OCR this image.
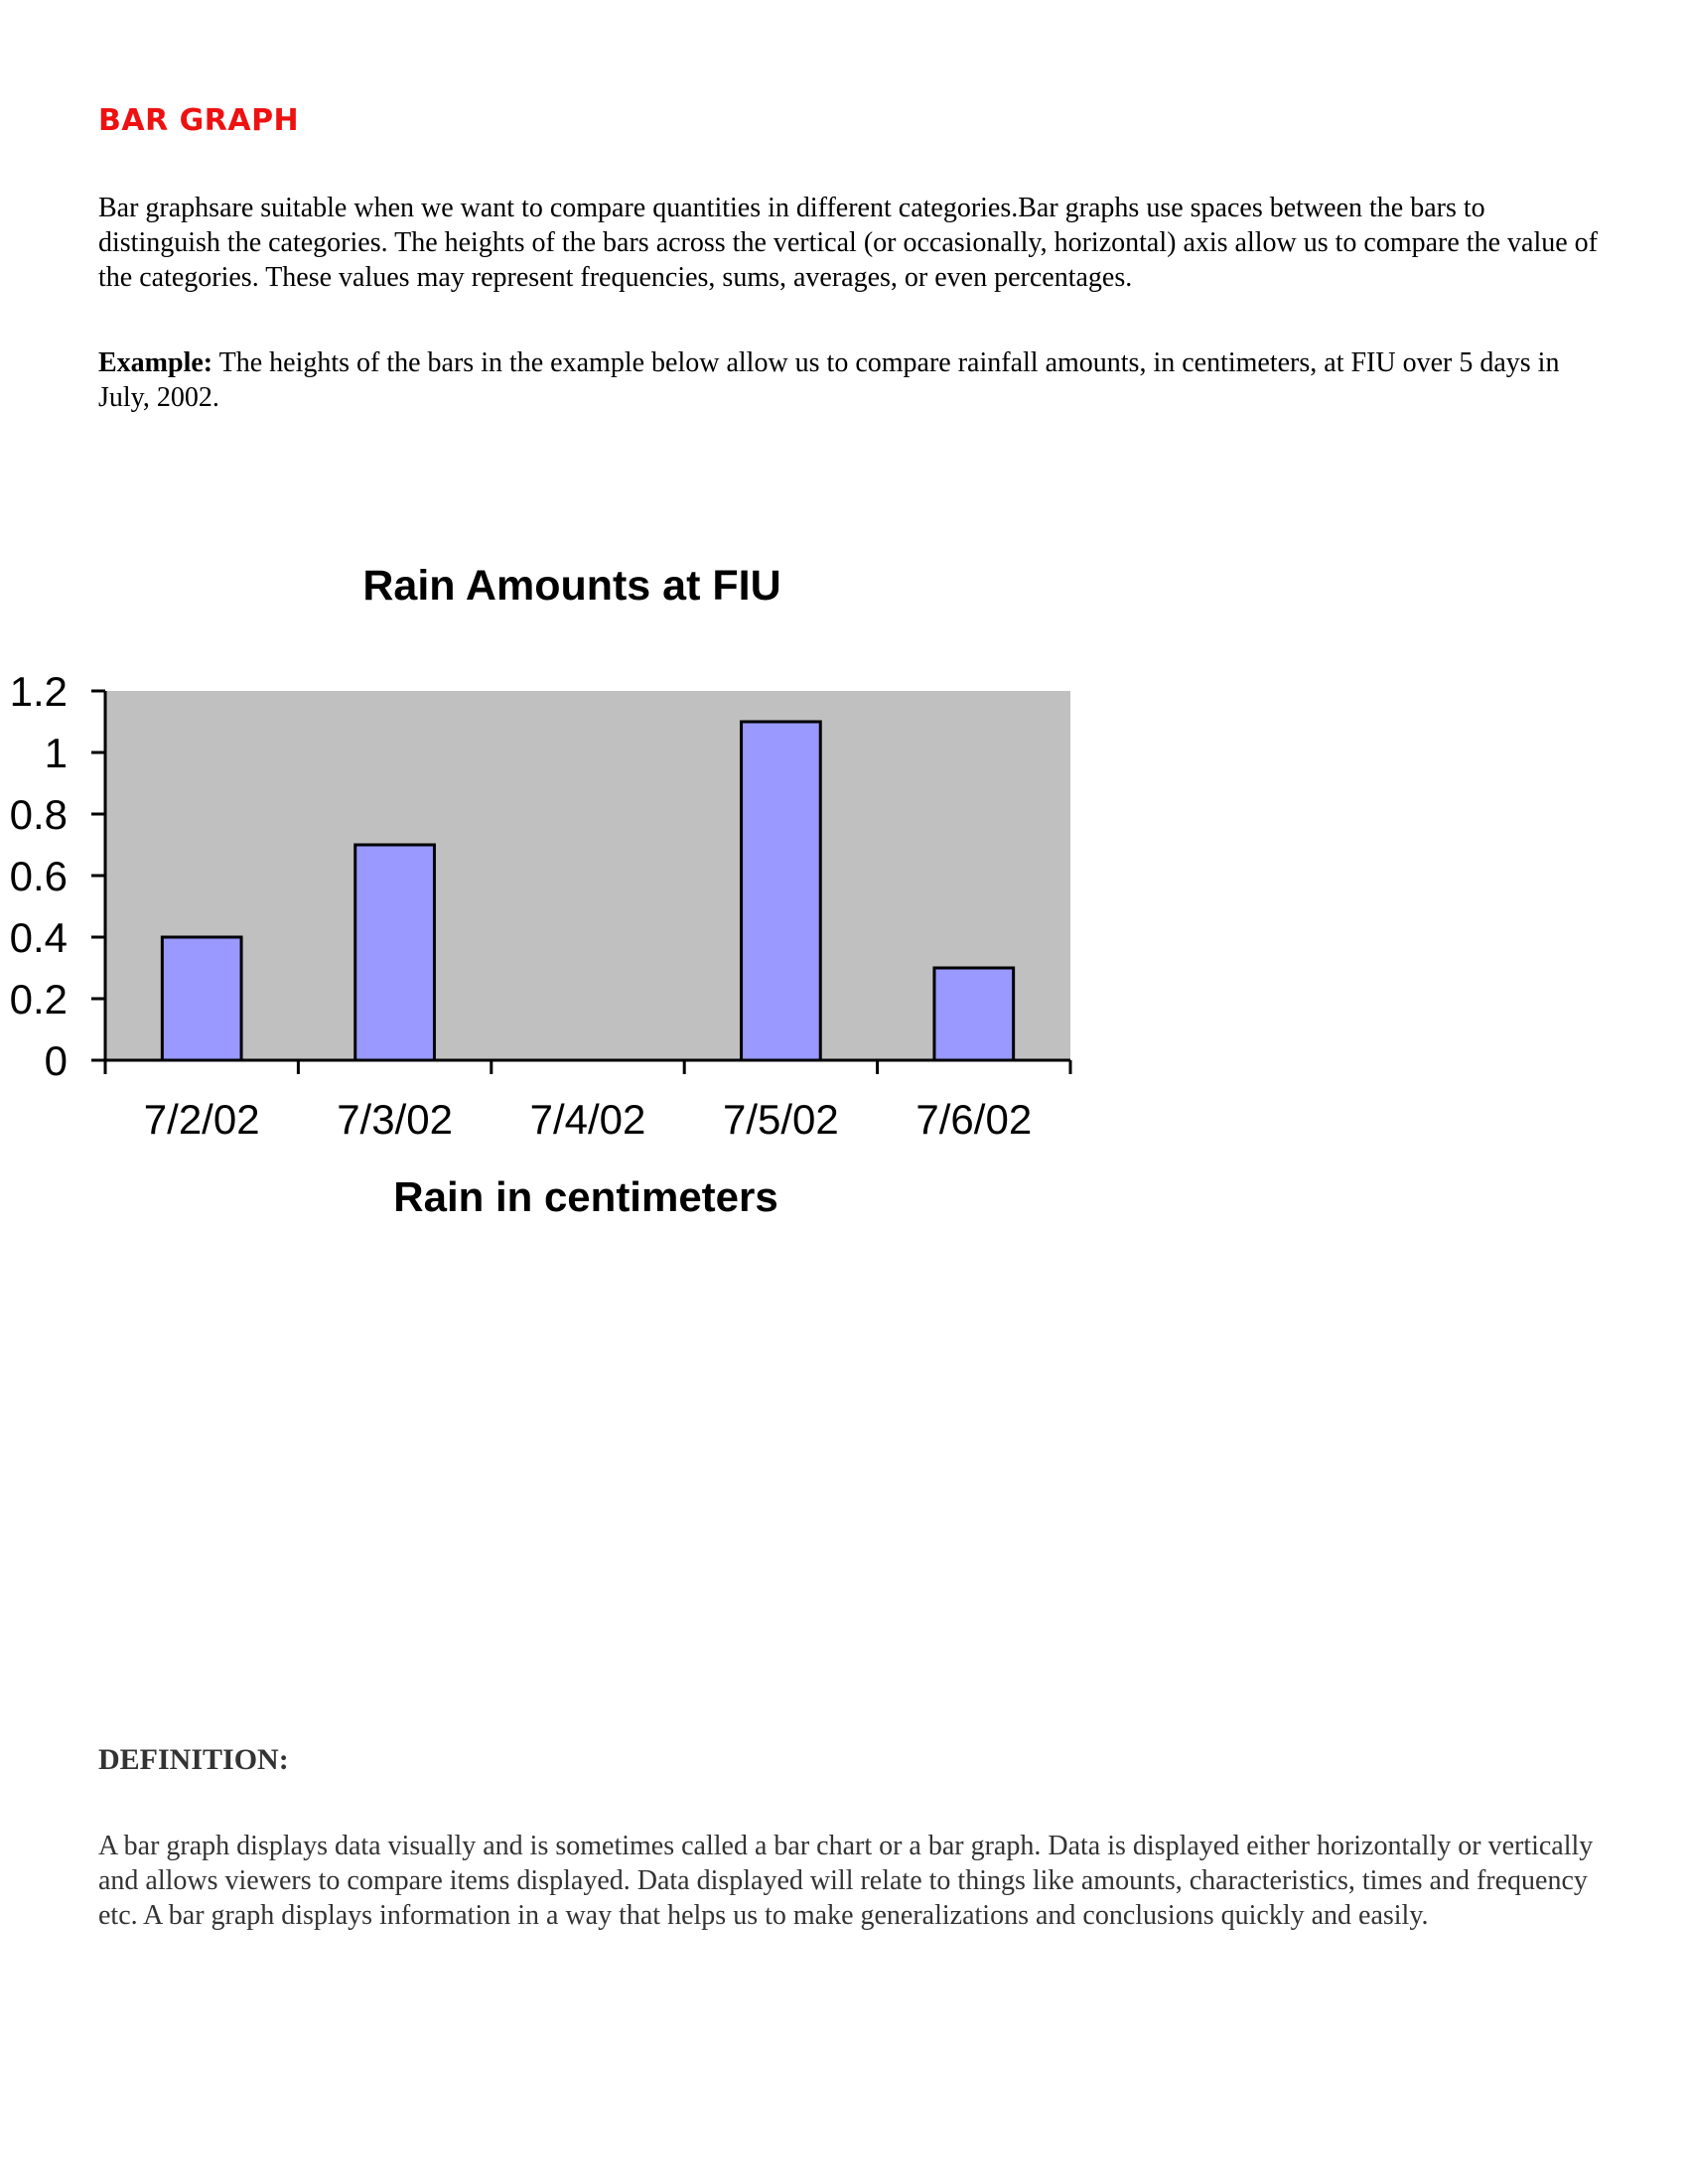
BAR GRAPH

Bar graphsare suitable when we want to compare quantities in different categories.Bar graphs use spaces between the bars to distinguish the categories. The heights of the bars across the vertical (or occasionally, horizontal) axis allow us to compare the value of the categories. These values may represent frequencies, sums, averages, or even percentages.

Example: The heights of the bars in the example below allow us to compare rainfall amounts, in centimeters, at FIU over 5 days in July, 2002.

Rain Amounts at FIU
0
0.2
0.4
0.6
0.8
1
1.2
7/2/02 7/3/02 7/4/02 7/5/02 7/6/02
Rain in centimeters
DEFINITION:

A bar graph displays data visually and is sometimes called a bar chart or a bar graph. Data is displayed either horizontally or vertically and allows viewers to compare items displayed. Data displayed will relate to things like amounts, characteristics, times and frequency etc. A bar graph displays information in a way that helps us to make generalizations and conclusions quickly and easily.
